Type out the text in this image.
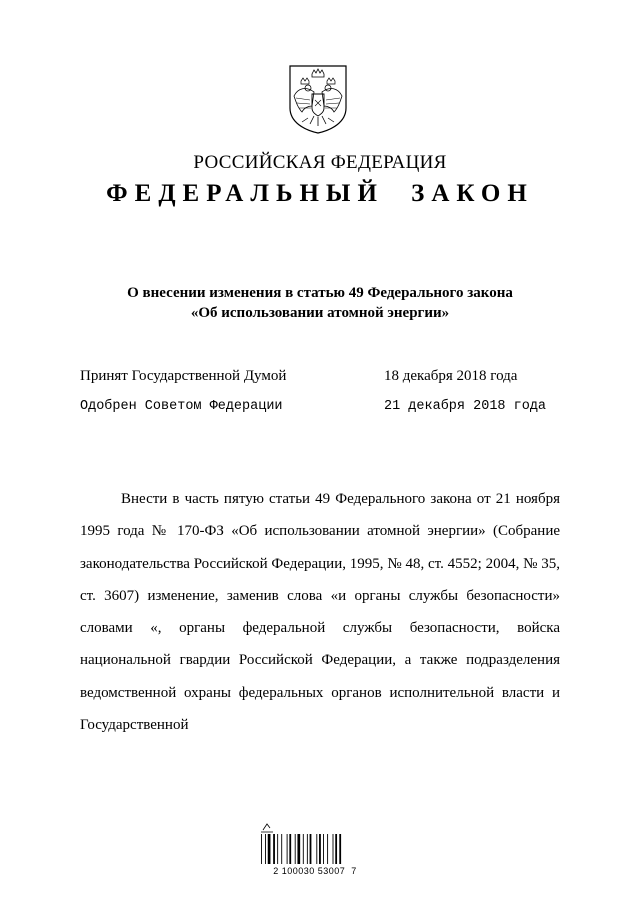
РОССИЙСКАЯ ФЕДЕРАЦИЯ
ФЕДЕРАЛЬНЫЙ ЗАКОН
О внесении изменения в статью 49 Федерального закона
«Об использовании атомной энергии»
Принят Государственной Думой	18 декабря 2018 года
Одобрен Советом Федерации	21 декабря 2018 года
Внести в часть пятую статьи 49 Федерального закона от 21 ноября 1995 года № 170-ФЗ «Об использовании атомной энергии» (Собрание законодательства Российской Федерации, 1995, № 48, ст. 4552; 2004, № 35, ст. 3607) изменение, заменив слова «и органы службы безопасности» словами «, органы федеральной службы безопасности, войска национальной гвардии Российской Федерации, а также подразделения ведомственной охраны федеральных органов исполнительной власти и Государственной
2 100030 53007  7
